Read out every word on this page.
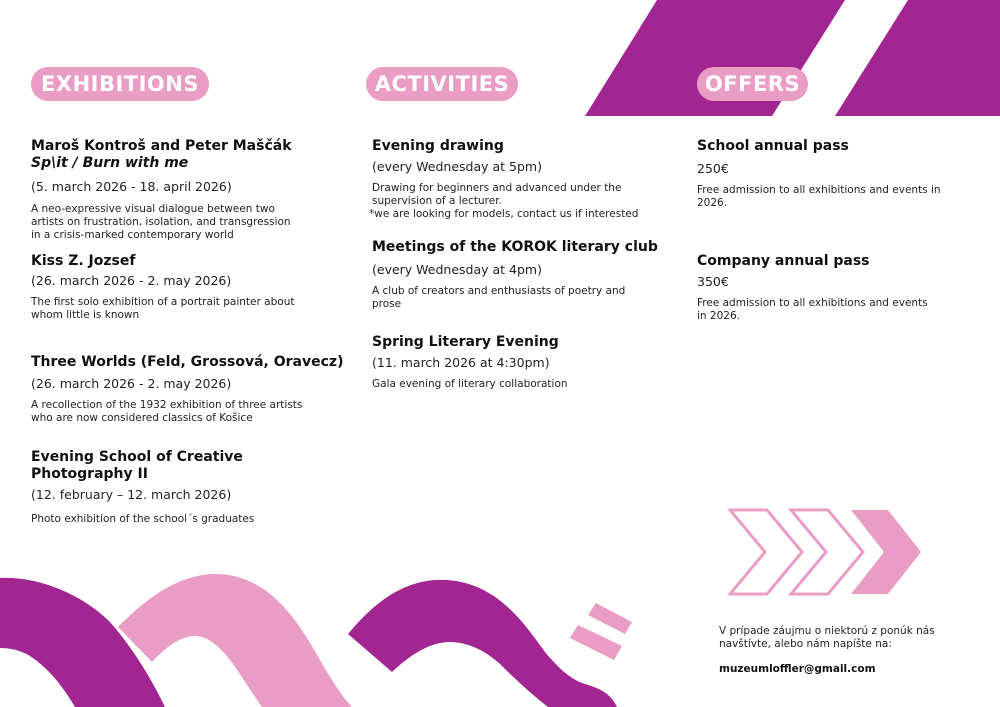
EXHIBITIONS	ACTIVITIES	OFFERS
Maroš Kontroš and Peter Maščák
Sp\it / Burn with me
(5. march 2026 - 18. april 2026)
A neo-expressive visual dialogue between two
artists on frustration, isolation, and transgression
in a crisis-marked contemporary world
Kiss Z. Jozsef
(26. march 2026 - 2. may 2026)
The first solo exhibition of a portrait painter about
whom little is known
Three Worlds (Feld, Grossová, Oravecz)
(26. march 2026 - 2. may 2026)
A recollection of the 1932 exhibition of three artists
who are now considered classics of Košice
Evening School of Creative
Photography II
(12. february – 12. march 2026)
Photo exhibition of the school´s graduates
Evening drawing
(every Wednesday at 5pm)
Drawing for beginners and advanced under the
supervision of a lecturer.
*we are looking for models, contact us if interested
Meetings of the KOROK literary club
(every Wednesday at 4pm)
A club of creators and enthusiasts of poetry and
prose
Spring Literary Evening
(11. march 2026 at 4:30pm)
Gala evening of literary collaboration
School annual pass
250€
Free admission to all exhibitions and events in
2026.
Company annual pass
350€
Free admission to all exhibitions and events
in 2026.
V prípade záujmu o niektorú z ponúk nás
navštívte, alebo nám napíšte na:
muzeumloffler@gmail.com
